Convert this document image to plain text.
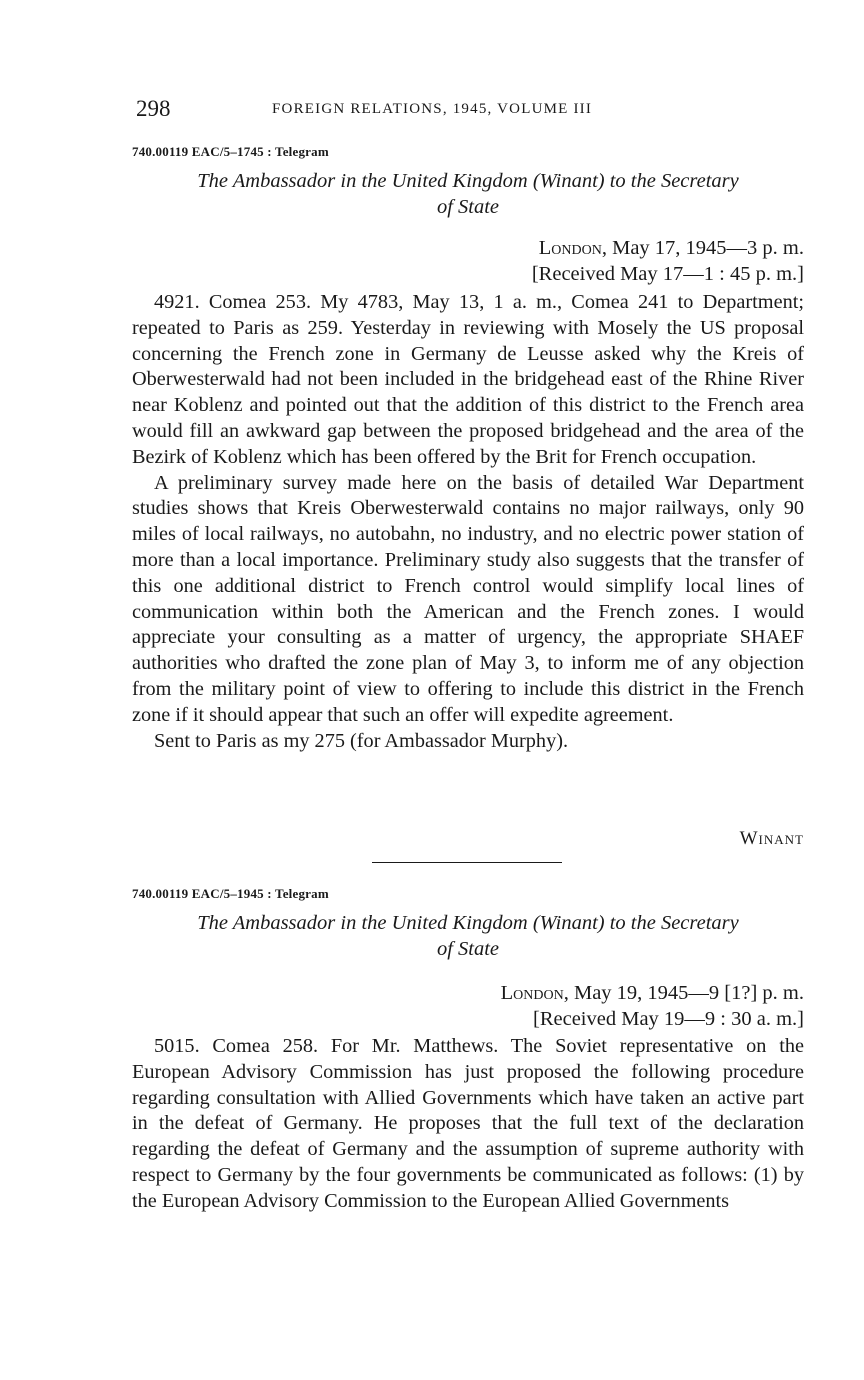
298	FOREIGN RELATIONS, 1945, VOLUME III
740.00119 EAC/5–1745 : Telegram
The Ambassador in the United Kingdom (Winant) to the Secretary
of State
London, May 17, 1945—3 p. m.
[Received May 17—1 : 45 p. m.]

4921. Comea 253. My 4783, May 13, 1 a. m., Comea 241 to Department; repeated to Paris as 259. Yesterday in reviewing with Mosely the US proposal concerning the French zone in Germany de Leusse asked why the Kreis of Oberwesterwald had not been included in the bridgehead east of the Rhine River near Koblenz and pointed out that the addition of this district to the French area would fill an awkward gap between the proposed bridgehead and the area of the Bezirk of Koblenz which has been offered by the Brit for French occupation.

A preliminary survey made here on the basis of detailed War Department studies shows that Kreis Oberwesterwald contains no major railways, only 90 miles of local railways, no autobahn, no industry, and no electric power station of more than a local importance. Preliminary study also suggests that the transfer of this one additional district to French control would simplify local lines of communication within both the American and the French zones. I would appreciate your consulting as a matter of urgency, the appropriate SHAEF authorities who drafted the zone plan of May 3, to inform me of any objection from the military point of view to offering to include this district in the French zone if it should appear that such an offer will expedite agreement.

Sent to Paris as my 275 (for Ambassador Murphy).

Winant
740.00119 EAC/5–1945 : Telegram
The Ambassador in the United Kingdom (Winant) to the Secretary
of State
London, May 19, 1945—9 [1?] p. m.
[Received May 19—9 : 30 a. m.]

5015. Comea 258. For Mr. Matthews. The Soviet representative on the European Advisory Commission has just proposed the following procedure regarding consultation with Allied Governments which have taken an active part in the defeat of Germany. He proposes that the full text of the declaration regarding the defeat of Germany and the assumption of supreme authority with respect to Germany by the four governments be communicated as follows: (1) by the European Advisory Commission to the European Allied Governments
